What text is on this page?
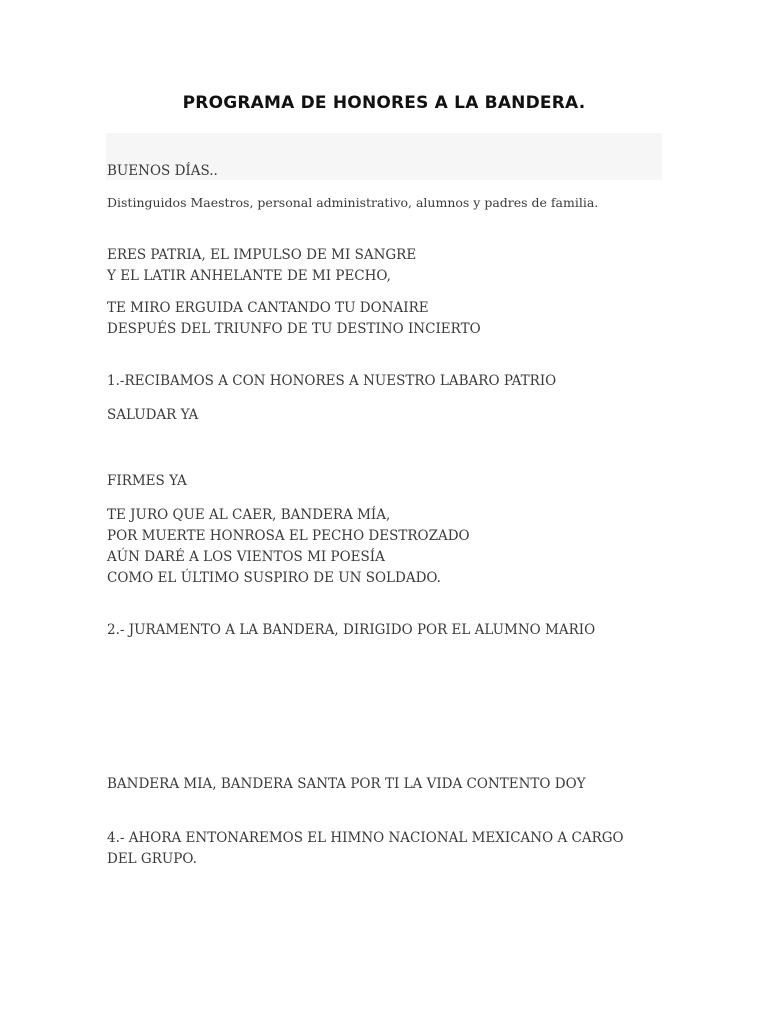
PROGRAMA DE HONORES A LA BANDERA.
BUENOS DÍAS..
Distinguidos Maestros, personal administrativo, alumnos y padres de familia.
ERES PATRIA, EL IMPULSO DE MI SANGRE
Y EL LATIR ANHELANTE DE MI PECHO,
TE MIRO ERGUIDA CANTANDO TU DONAIRE
DESPUÉS DEL TRIUNFO DE TU DESTINO INCIERTO
1.-RECIBAMOS A CON HONORES A NUESTRO LABARO PATRIO
SALUDAR YA
FIRMES YA
TE JURO QUE AL CAER, BANDERA MÍA,
POR MUERTE HONROSA EL PECHO DESTROZADO
AÚN DARÉ A LOS VIENTOS MI POESÍA
COMO EL ÚLTIMO SUSPIRO DE UN SOLDADO.
2.- JURAMENTO A LA BANDERA, DIRIGIDO POR EL ALUMNO MARIO
BANDERA MIA, BANDERA SANTA POR TI LA VIDA CONTENTO DOY
4.- AHORA ENTONAREMOS EL HIMNO NACIONAL MEXICANO A CARGO DEL GRUPO.
